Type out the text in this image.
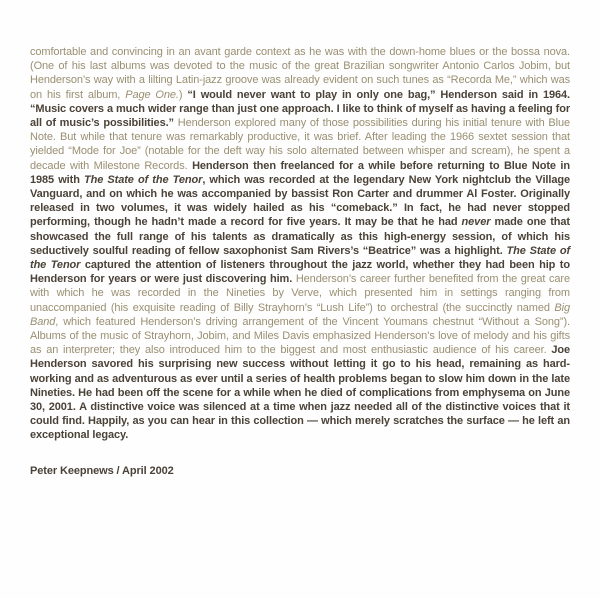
comfortable and convincing in an avant garde context as he was with the down-home blues or the bossa nova. (One of his last albums was devoted to the music of the great Brazilian songwriter Antonio Carlos Jobim, but Henderson’s way with a lilting Latin-jazz groove was already evident on such tunes as “Recorda Me,” which was on his first album, Page One.) “I would never want to play in only one bag,” Henderson said in 1964. “Music covers a much wider range than just one approach. I like to think of myself as having a feeling for all of music’s possibilities.” Henderson explored many of those possibilities during his initial tenure with Blue Note. But while that tenure was remarkably productive, it was brief. After leading the 1966 sextet session that yielded “Mode for Joe” (notable for the deft way his solo alternated between whisper and scream), he spent a decade with Milestone Records. Henderson then freelanced for a while before returning to Blue Note in 1985 with The State of the Tenor, which was recorded at the legendary New York nightclub the Village Vanguard, and on which he was accompanied by bassist Ron Carter and drummer Al Foster. Originally released in two volumes, it was widely hailed as his “comeback.” In fact, he had never stopped performing, though he hadn’t made a record for five years. It may be that he had never made one that showcased the full range of his talents as dramatically as this high-energy session, of which his seductively soulful reading of fellow saxophonist Sam Rivers’s “Beatrice” was a highlight. The State of the Tenor captured the attention of listeners throughout the jazz world, whether they had been hip to Henderson for years or were just discovering him. Henderson’s career further benefited from the great care with which he was recorded in the Nineties by Verve, which presented him in settings ranging from unaccompanied (his exquisite reading of Billy Strayhorn’s “Lush Life”) to orchestral (the succinctly named Big Band, which featured Henderson’s driving arrangement of the Vincent Youmans chestnut “Without a Song”). Albums of the music of Strayhorn, Jobim, and Miles Davis emphasized Henderson’s love of melody and his gifts as an interpreter; they also introduced him to the biggest and most enthusiastic audience of his career. Joe Henderson savored his surprising new success without letting it go to his head, remaining as hard-working and as adventurous as ever until a series of health problems began to slow him down in the late Nineties. He had been off the scene for a while when he died of complications from emphysema on June 30, 2001. A distinctive voice was silenced at a time when jazz needed all of the distinctive voices that it could find. Happily, as you can hear in this collection — which merely scratches the surface — he left an exceptional legacy.

Peter Keepnews / April 2002
